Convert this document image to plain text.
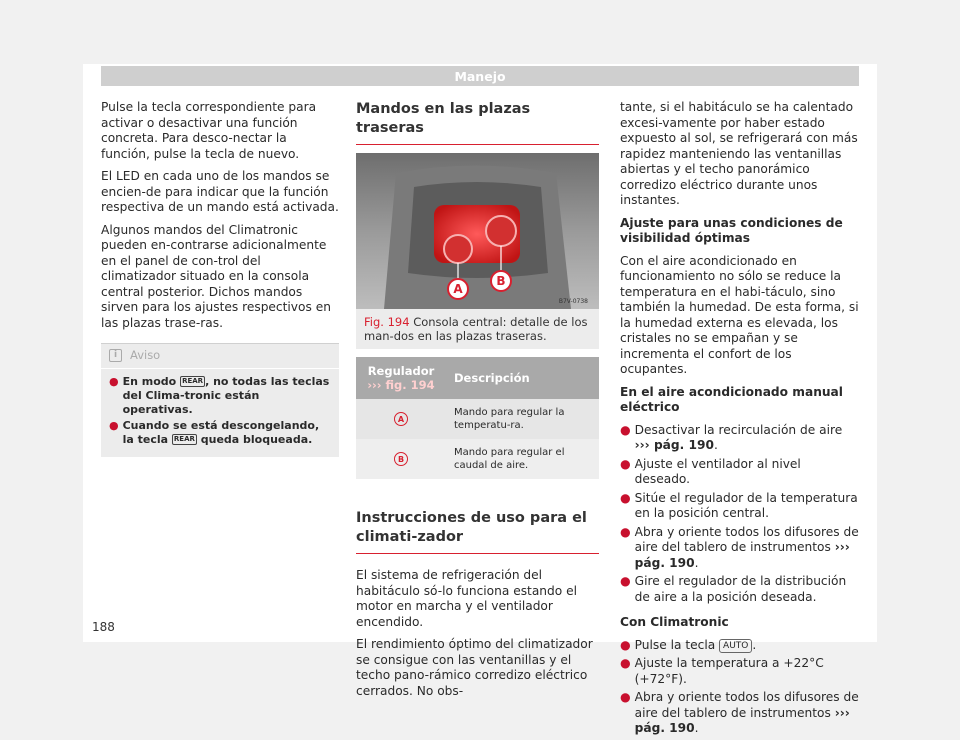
Manejo

Pulse la tecla correspondiente para activar o desactivar una función concreta. Para desco-nectar la función, pulse la tecla de nuevo.

El LED en cada uno de los mandos se encien-de para indicar que la función respectiva de un mando está activada.

Algunos mandos del Climatronic pueden en-contrarse adicionalmente en el panel de con-trol del climatizador situado en la consola central posterior. Dichos mandos sirven para los ajustes respectivos en las plazas trase-ras.

i	Aviso
● En modo REAR , no todas las teclas del Clima-tronic están operativas.
● Cuando se está descongelando, la tecla REAR queda bloqueada.
Mandos en las plazas traseras
A
B
B7V-0738
Fig. 194 Consola central: detalle de los man-dos en las plazas traseras.
Regulador
››› fig. 194	Descripción
A	Mando para regular la temperatu-ra.
B	Mando para regular el caudal de aire.
Instrucciones de uso para el climati-zador

El sistema de refrigeración del habitáculo só-lo funciona estando el motor en marcha y el ventilador encendido.

El rendimiento óptimo del climatizador se consigue con las ventanillas y el techo pano-rámico corredizo eléctrico cerrados. No obs-

tante, si el habitáculo se ha calentado excesi-vamente por haber estado expuesto al sol, se refrigerará con más rapidez manteniendo las ventanillas abiertas y el techo panorámico corredizo eléctrico durante unos instantes.

Ajuste para unas condiciones de visibilidad óptimas

Con el aire acondicionado en funcionamiento no sólo se reduce la temperatura en el habi-táculo, sino también la humedad. De esta forma, si la humedad externa es elevada, los cristales no se empañan y se incrementa el confort de los ocupantes.

En el aire acondicionado manual eléctrico

● Desactivar la recirculación de aire
››› pág. 190.
● Ajuste el ventilador al nivel deseado.
● Sitúe el regulador de la temperatura en la posición central.
● Abra y oriente todos los difusores de aire del tablero de instrumentos ››› pág. 190.
● Gire el regulador de la distribución de aire a la posición deseada.

Con Climatronic

● Pulse la tecla AUTO .
● Ajuste la temperatura a +22°C (+72°F).
● Abra y oriente todos los difusores de aire del tablero de instrumentos ››› pág. 190.
188
